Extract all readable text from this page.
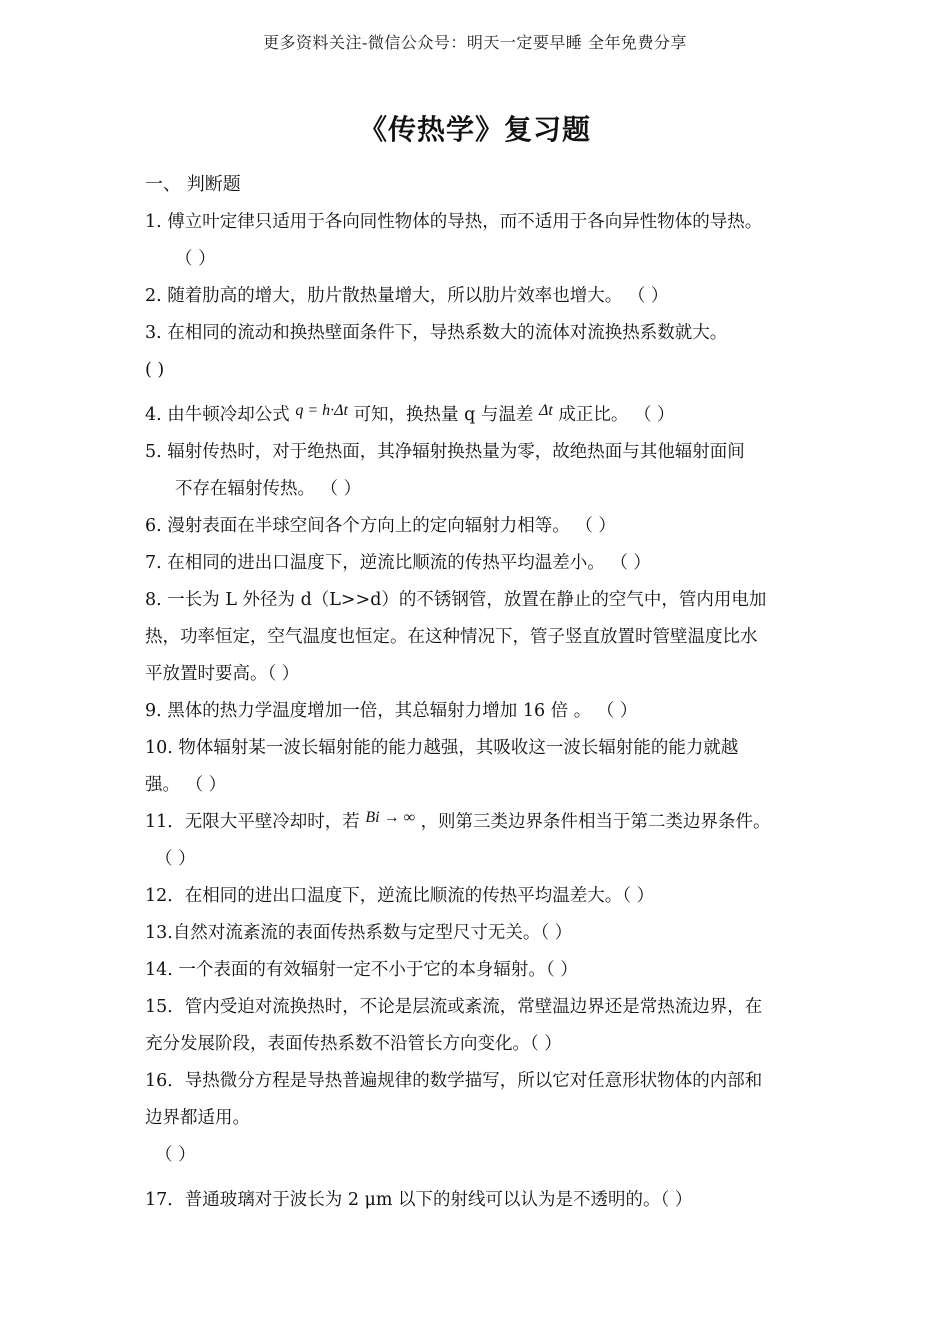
更多资料关注-微信公众号：明天一定要早睡 全年免费分享
《传热学》复习题
一、 判断题
1. 傅立叶定律只适用于各向同性物体的导热，而不适用于各向异性物体的导热。
（ ）
2. 随着肋高的增大，肋片散热量增大，所以肋片效率也增大。 （ ）
3. 在相同的流动和换热壁面条件下，导热系数大的流体对流换热系数就大。
( )
4. 由牛顿冷却公式 q = h·Δt 可知，换热量 q 与温差 Δt 成正比。 （ ）
5. 辐射传热时，对于绝热面，其净辐射换热量为零，故绝热面与其他辐射面间
不存在辐射传热。 （ ）
6. 漫射表面在半球空间各个方向上的定向辐射力相等。 （ ）
7. 在相同的进出口温度下，逆流比顺流的传热平均温差小。 （ ）
8. 一长为 L 外径为 d（L>>d）的不锈钢管，放置在静止的空气中，管内用电加
热，功率恒定，空气温度也恒定。在这种情况下，管子竖直放置时管壁温度比水
平放置时要高。（ ）
9. 黑体的热力学温度增加一倍，其总辐射力增加 16 倍 。 （ ）
10. 物体辐射某一波长辐射能的能力越强，其吸收这一波长辐射能的能力就越
强。 （ ）
11．无限大平壁冷却时，若 Bi → ∞ ，则第三类边界条件相当于第二类边界条件。
（ ）
12．在相同的进出口温度下，逆流比顺流的传热平均温差大。（ ）
13.自然对流紊流的表面传热系数与定型尺寸无关。（ ）
14. 一个表面的有效辐射一定不小于它的本身辐射。（ ）
15．管内受迫对流换热时，不论是层流或紊流，常壁温边界还是常热流边界，在
充分发展阶段，表面传热系数不沿管长方向变化。（ ）
16．导热微分方程是导热普遍规律的数学描写，所以它对任意形状物体的内部和
边界都适用。
（ ）
17．普通玻璃对于波长为 2 μm 以下的射线可以认为是不透明的。（ ）
